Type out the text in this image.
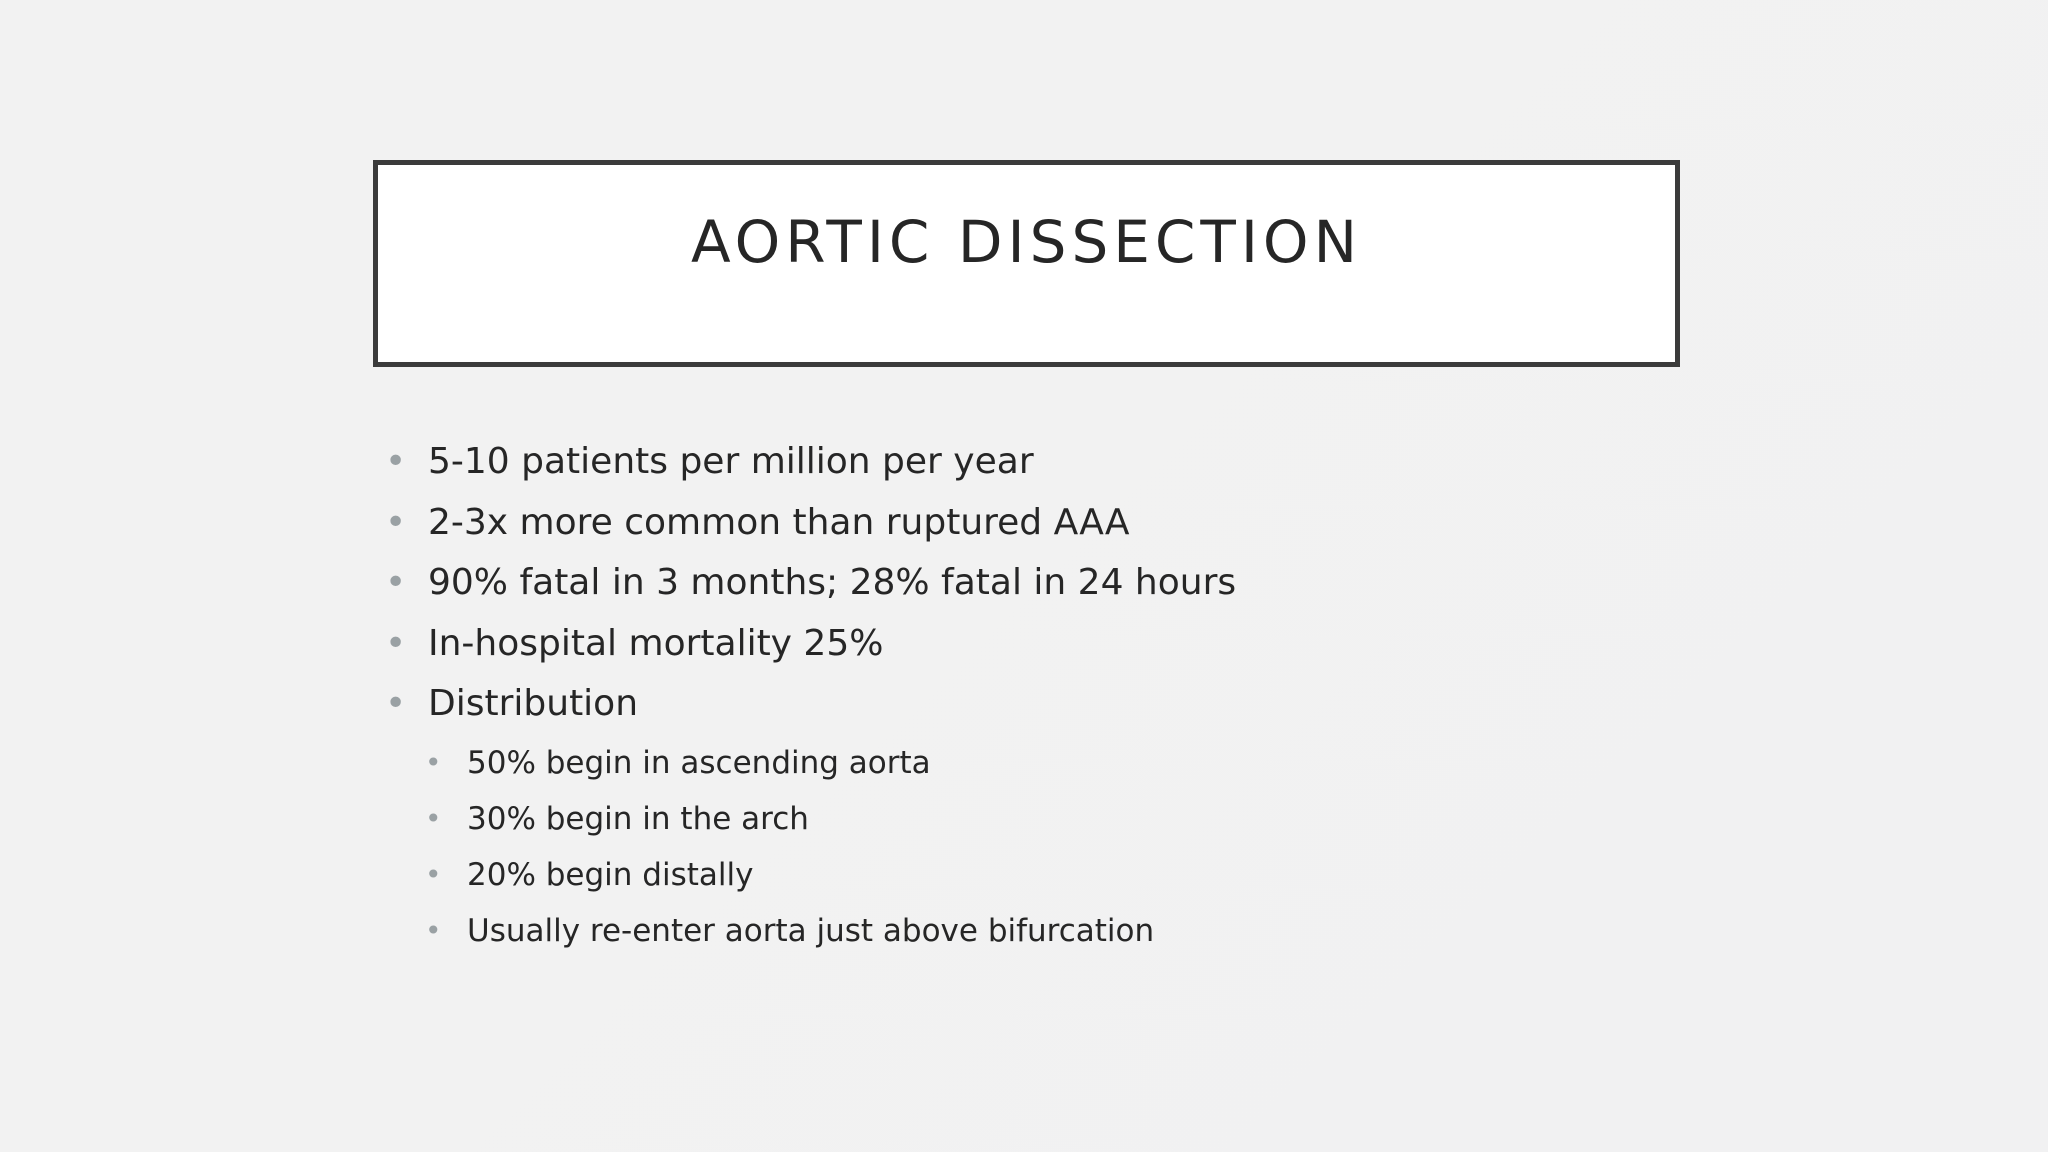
AORTIC DISSECTION
• 5-10 patients per million per year
• 2-3x more common than ruptured AAA
• 90% fatal in 3 months; 28% fatal in 24 hours
• In-hospital mortality 25%
• Distribution
• 50% begin in ascending aorta
• 30% begin in the arch
• 20% begin distally
• Usually re-enter aorta just above bifurcation
